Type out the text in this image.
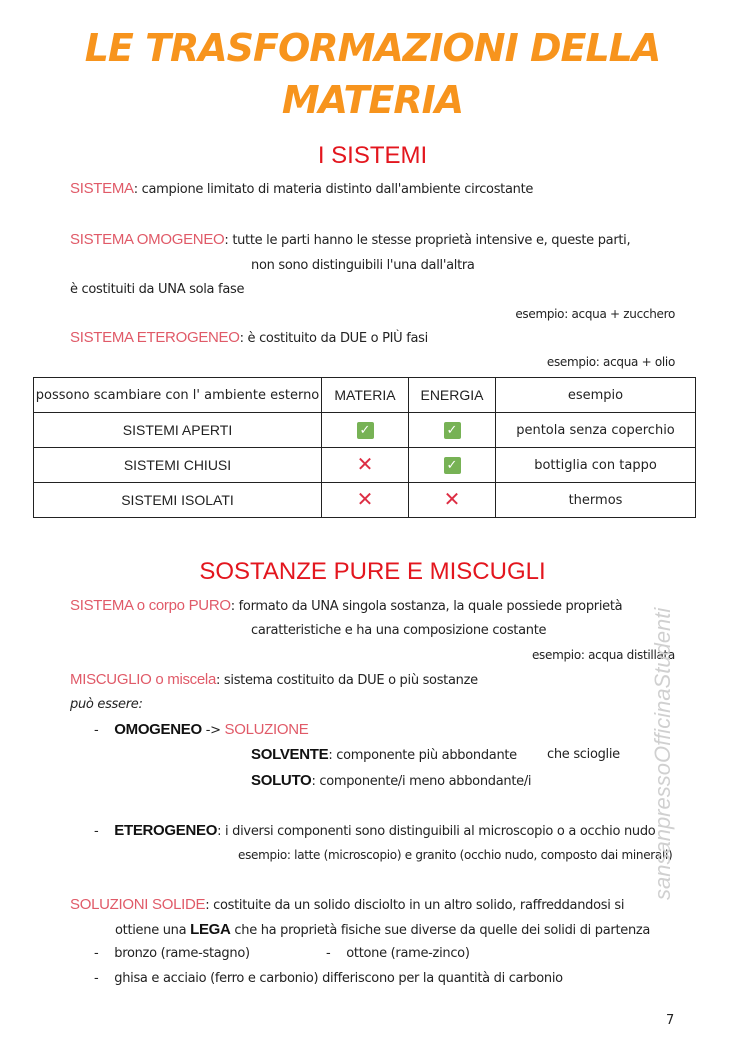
LE TRASFORMAZIONI DELLA
MATERIA
I SISTEMI
SISTEMA: campione limitato di materia distinto dall'ambiente circostante
SISTEMA OMOGENEO: tutte le parti hanno le stesse proprietà intensive e, queste parti,
non sono distinguibili l'una dall'altra
è costituiti da UNA sola fase
esempio: acqua + zucchero
SISTEMA ETEROGENEO: è costituito da DUE o PIÙ fasi
esempio: acqua + olio
possono scambiare con l' ambiente esterno	MATERIA	ENERGIA	esempio
SISTEMI APERTI	✓	✓	pentola senza coperchio
SISTEMI CHIUSI	✕	✓	bottiglia con tappo
SISTEMI ISOLATI	✕	✕	thermos
SOSTANZE PURE E MISCUGLI
SISTEMA o corpo PURO: formato da UNA singola sostanza, la quale possiede proprietà
caratteristiche e ha una composizione costante
esempio: acqua distillata
MISCUGLIO o miscela: sistema costituito da DUE o più sostanze
può essere:
- OMOGENEO -> SOLUZIONE
SOLVENTE: componente più abbondante che scioglie
SOLUTO: componente/i meno abbondante/i
- ETEROGENEO: i diversi componenti sono distinguibili al microscopio o a occhio nudo
esempio: latte (microscopio) e granito (occhio nudo, composto dai minerali)
SOLUZIONI SOLIDE: costituite da un solido disciolto in un altro solido, raffreddandosi si
ottiene una LEGA che ha proprietà fisiche sue diverse da quelle dei solidi di partenza
- bronzo (rame-stagno)	- ottone (rame-zinco)
- ghisa e acciaio (ferro e carbonio) differiscono per la quantità di carbonio
sansanpressoOfficinaStudenti
7
